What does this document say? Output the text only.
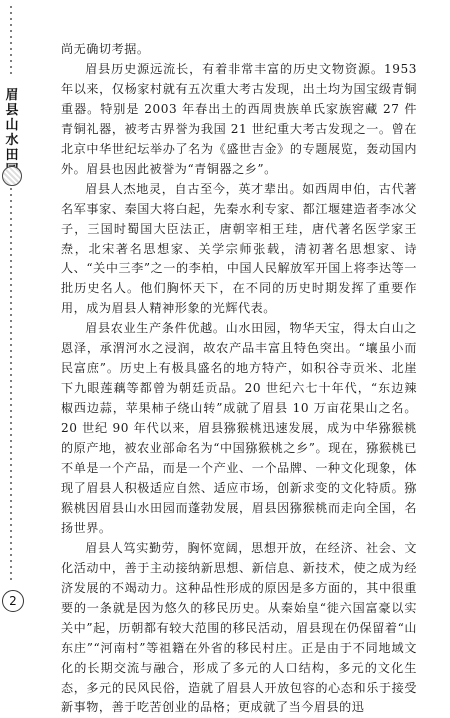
眉县山水田

尚无确切考据。

眉县历史源远流长，有着非常丰富的历史文物资源。1953 年以来，仅杨家村就有五次重大考古发现，出土均为国宝级青铜重器。特别是 2003 年春出土的西周贵族单氏家族窖藏 27 件青铜礼器，被考古界誉为我国 21 世纪重大考古发现之一。曾在北京中华世纪坛举办了名为《盛世吉金》的专题展览，轰动国内外。眉县也因此被誉为“青铜器之乡”。

眉县人杰地灵，自古至今，英才辈出。如西周申伯，古代著名军事家、秦国大将白起，先秦水利专家、都江堰建造者李冰父子，三国时蜀国大臣法正，唐朝宰相王珪，唐代著名医学家王焘，北宋著名思想家、关学宗师张载，清初著名思想家、诗人、“关中三李”之一的李柏，中国人民解放军开国上将李达等一批历史名人。他们胸怀天下，在不同的历史时期发挥了重要作用，成为眉县人精神形象的光辉代表。

眉县农业生产条件优越。山水田园，物华天宝，得太白山之恩泽，承渭河水之浸润，故农产品丰富且特色突出。“壤虽小而民富庶”。历史上有极具盛名的地方特产，如积谷寺贡米、北崖下九眼莲藕等都曾为朝廷贡品。20 世纪六七十年代，“东边辣椒西边蒜，苹果柿子绕山转”成就了眉县 10 万亩花果山之名。20 世纪 90 年代以来，眉县猕猴桃迅速发展，成为中华猕猴桃的原产地，被农业部命名为“中国猕猴桃之乡”。现在，猕猴桃已不单是一个产品，而是一个产业、一个品牌、一种文化现象，体现了眉县人积极适应自然、适应市场，创新求变的文化特质。猕猴桃因眉县山水田园而蓬勃发展，眉县因猕猴桃而走向全国，名扬世界。

眉县人笃实勤劳，胸怀宽阔，思想开放，在经济、社会、文化活动中，善于主动接纳新思想、新信息、新技术，使之成为经济发展的不竭动力。这种品性形成的原因是多方面的，其中很重要的一条就是因为悠久的移民历史。从秦始皇“徙六国富豪以实关中”起，历朝都有较大范围的移民活动，眉县现在仍保留着“山东庄”“河南村”等祖籍在外省的移民村庄。正是由于不同地域文化的长期交流与融合，形成了多元的人口结构，多元的文化生态，多元的民风民俗，造就了眉县人开放包容的心态和乐于接受新事物，善于吃苦创业的品格；更成就了当今眉县的迅

2
